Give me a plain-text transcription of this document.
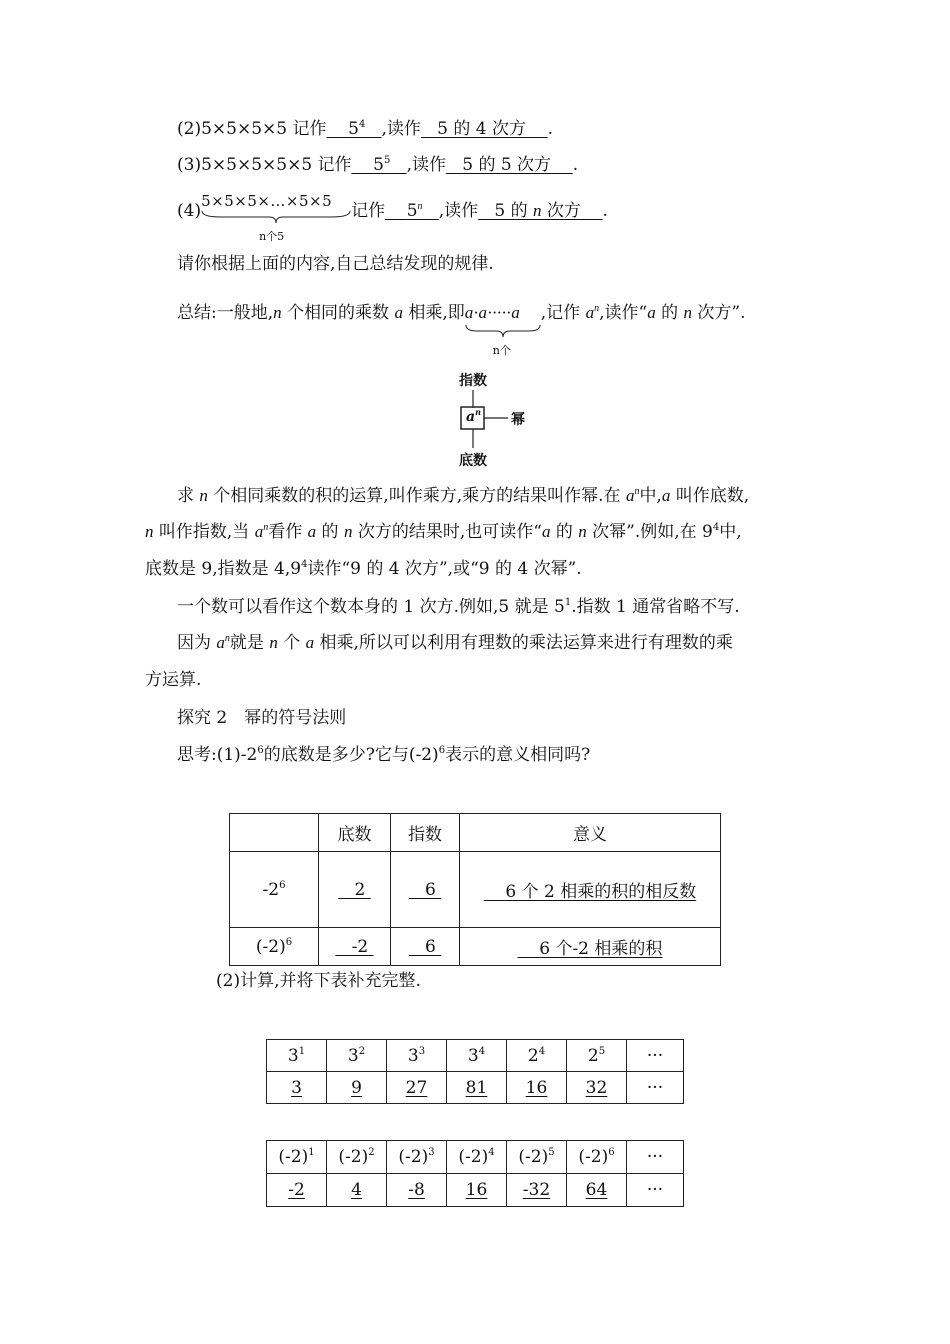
(2)5×5×5×5 记作 $5^4$ ,读作 5 的 4 次方 .
(3)5×5×5×5×5 记作 $5^5$ ,读作 5 的 5 次方 .
(4)5×5×5×…×5×5
n个5
记作 5$^n$ ,读作 5 的 n 次方 .
请你根据上面的内容,自己总结发现的规律.
总结:一般地,n 个相同的乘数 a 相乘,即a·a·····a
n个
,记作 $a^n$,读作“a 的 n 次方”.
指数
$a^n$ 幂
底数
求 n 个相同乘数的积的运算,叫作乘方,乘方的结果叫作幂.在 $a^n$中,a 叫作底数,
n 叫作指数,当 $a^n$看作 a 的 n 次方的结果时,也可读作“a 的 n 次幂”.例如,在 $9^4$中,
底数是 9,指数是 $4,9^4$读作“9 的 4 次方”,或“9 的 4 次幂”.
一个数可以看作这个数本身的 1 次方.例如,5 就是 $5^1$.指数 1 通常省略不写.
因为 $a^n$就是 n 个 a 相乘,所以可以利用有理数的乘法运算来进行有理数的乘
方运算.
探究 2　幂的符号法则
思考$:(1)-2^6$的底数是多少?它与$(-2)^6$表示的意义相同吗?
	底数	指数	意义
$-2^6$	2	6	6 个 2 相乘的积的相反数
$(-2)^6$	-2	6	6 个-2 相乘的积
(2)计算,并将下表补充完整.
$3^1$	$3^2$	$3^3$	$3^4$	$2^4$	$2^5$	···
3	9	27	81	16	32	···
$(-2)^1$	$(-2)^2$	$(-2)^3$	$(-2)^4$	$(-2)^5$	$(-2)^6$	···
-2	4	-8	16	-32	64	···
